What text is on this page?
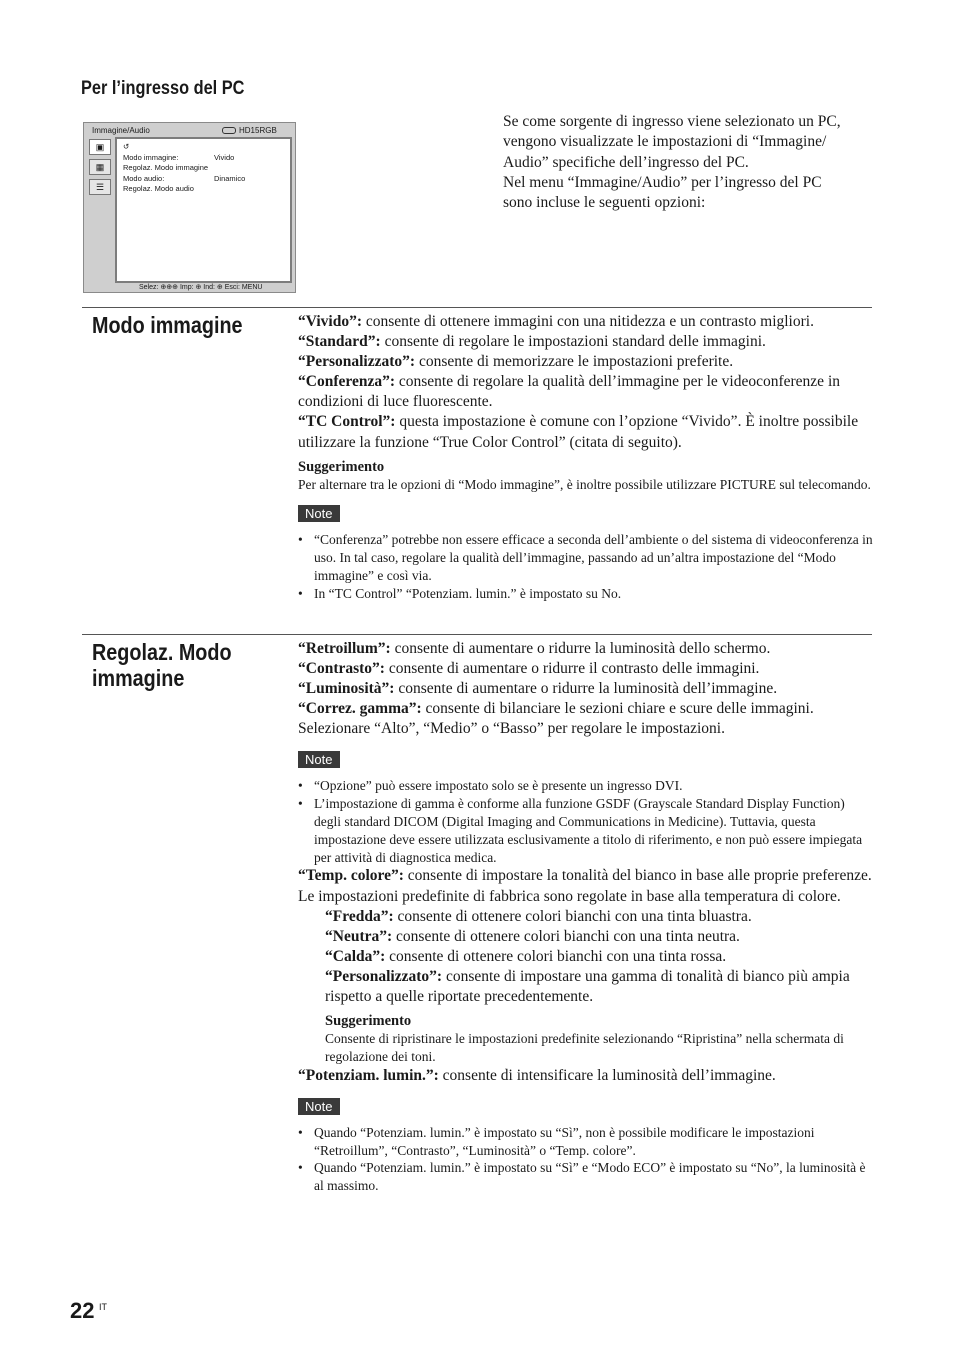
Per l’ingresso del PC
Immagine/Audio	HD15RGB
▣
▦
☰
↺
Modo immagine:	Vivido
Regolaz. Modo immagine
Modo audio:	Dinamico
Regolaz. Modo audio
Selez: ⊕⊕⊕ Imp: ⊕ Ind: ⊕ Esci: MENU
Se come sorgente di ingresso viene selezionato un PC,
vengono visualizzate le impostazioni di “Immagine/
Audio” specifiche dell’ingresso del PC.
Nel menu “Immagine/Audio” per l’ingresso del PC
sono incluse le seguenti opzioni:
Modo immagine	“Vivido”: consente di ottenere immagini con una nitidezza e un contrasto migliori.

“Standard”: consente di regolare le impostazioni standard delle immagini.

“Personalizzato”: consente di memorizzare le impostazioni preferite.

“Conferenza”: consente di regolare la qualità dell’immagine per le videoconferenze in condizioni di luce fluorescente.

“TC Control”: questa impostazione è comune con l’opzione “Vivido”. È inoltre possibile utilizzare la funzione “True Color Control” (citata di seguito).

Suggerimento

Per alternare tra le opzioni di “Modo immagine”, è inoltre possibile utilizzare PICTURE sul telecomando.

Note
• “Conferenza” potrebbe non essere efficace a seconda dell’ambiente o del sistema di videoconferenza in uso. In tal caso, regolare la qualità dell’immagine, passando ad un’altra impostazione del “Modo immagine” e così via.
• In “TC Control” “Potenziam. lumin.” è impostato su No.
Regolaz. Modo
immagine

“Retroillum”: consente di aumentare o ridurre la luminosità dello schermo.

“Contrasto”: consente di aumentare o ridurre il contrasto delle immagini.

“Luminosità”: consente di aumentare o ridurre la luminosità dell’immagine.

“Correz. gamma”: consente di bilanciare le sezioni chiare e scure delle immagini. Selezionare “Alto”, “Medio” o “Basso” per regolare le impostazioni.

Note
• “Opzione” può essere impostato solo se è presente un ingresso DVI.
• L’impostazione di gamma è conforme alla funzione GSDF (Grayscale Standard Display Function) degli standard DICOM (Digital Imaging and Communications in Medicine). Tuttavia, questa impostazione deve essere utilizzata esclusivamente a titolo di riferimento, e non può essere impiegata per attività di diagnostica medica.

“Temp. colore”: consente di impostare la tonalità del bianco in base alle proprie preferenze. Le impostazioni predefinite di fabbrica sono regolate in base alla temperatura di colore.

“Fredda”: consente di ottenere colori bianchi con una tinta bluastra.

“Neutra”: consente di ottenere colori bianchi con una tinta neutra.

“Calda”: consente di ottenere colori bianchi con una tinta rossa.

“Personalizzato”: consente di impostare una gamma di tonalità di bianco più ampia rispetto a quelle riportate precedentemente.

Suggerimento

Consente di ripristinare le impostazioni predefinite selezionando “Ripristina” nella schermata di regolazione dei toni.

“Potenziam. lumin.”: consente di intensificare la luminosità dell’immagine.

Note
• Quando “Potenziam. lumin.” è impostato su “Sì”, non è possibile modificare le impostazioni “Retroillum”, “Contrasto”, “Luminosità” o “Temp. colore”.
• Quando “Potenziam. lumin.” è impostato su “Sì” e “Modo ECO” è impostato su “No”, la luminosità è al massimo.
22 IT
